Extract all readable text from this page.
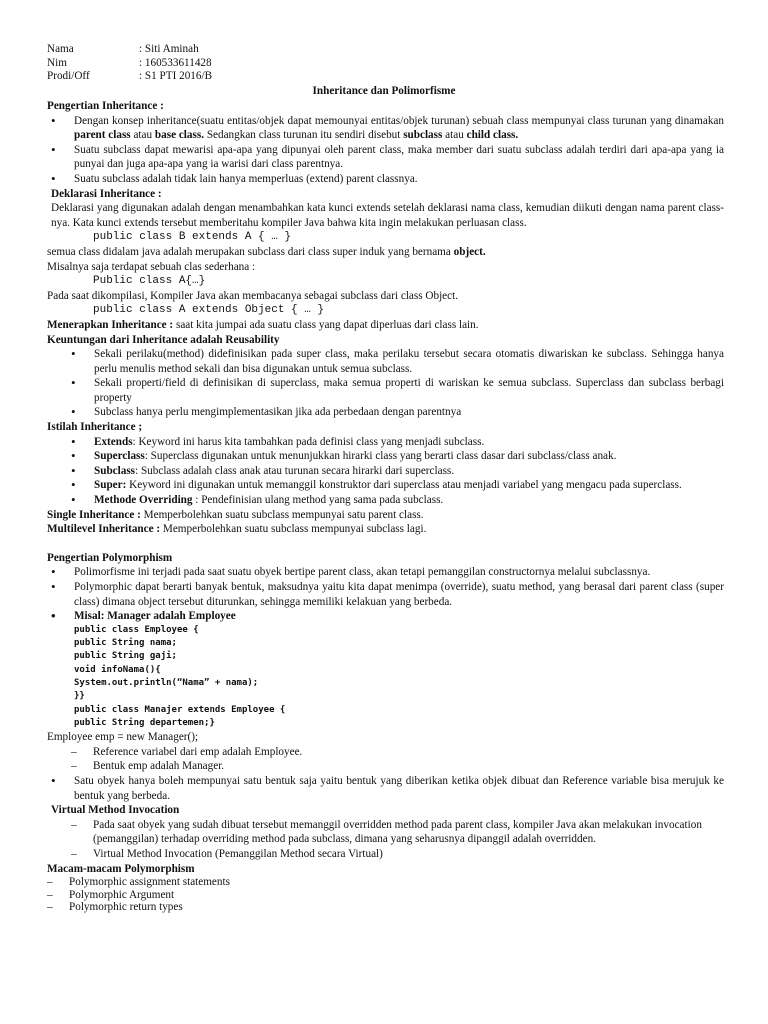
Nama	: Siti Aminah
Nim	: 160533611428
Prodi/Off	: S1 PTI 2016/B
Inheritance dan Polimorfisme
Pengertian Inheritance :
• Dengan konsep inheritance(suatu entitas/objek dapat memounyai entitas/objek turunan) sebuah class mempunyai class turunan yang dinamakan parent class atau base class. Sedangkan class turunan itu sendiri disebut subclass atau child class.
• Suatu subclass dapat mewarisi apa-apa yang dipunyai oleh parent class, maka member dari suatu subclass adalah terdiri dari apa-apa yang ia punyai dan juga apa-apa yang ia warisi dari class parentnya.
• Suatu subclass adalah tidak lain hanya memperluas (extend) parent classnya.
Deklarasi Inheritance :
Deklarasi yang digunakan adalah dengan menambahkan kata kunci extends setelah deklarasi nama class, kemudian diikuti dengan nama parent class-nya. Kata kunci extends tersebut memberitahu kompiler Java bahwa kita ingin melakukan perluasan class.
public class B extends A { … }
semua class didalam java adalah merupakan subclass dari class super induk yang bernama object.
Misalnya saja terdapat sebuah clas sederhana :
Public class A{…}
Pada saat dikompilasi, Kompiler Java akan membacanya sebagai subclass dari class Object.
public class A extends Object { … }
Menerapkan Inheritance : saat kita jumpai ada suatu class yang dapat diperluas dari class lain.
Keuntungan dari Inheritance adalah Reusability
• Sekali perilaku(method) didefinisikan pada super class, maka perilaku tersebut secara otomatis diwariskan ke subclass. Sehingga hanya perlu menulis method sekali dan bisa digunakan untuk semua subclass.
• Sekali properti/field di definisikan di superclass, maka semua properti di wariskan ke semua subclass. Superclass dan subclass berbagi property
• Subclass hanya perlu mengimplementasikan jika ada perbedaan dengan parentnya
Istilah Inheritance ;
• Extends: Keyword ini harus kita tambahkan pada definisi class yang menjadi subclass.
• Superclass: Superclass digunakan untuk menunjukkan hirarki class yang berarti class dasar dari subclass/class anak.
• Subclass: Subclass adalah class anak atau turunan secara hirarki dari superclass.
• Super: Keyword ini digunakan untuk memanggil konstruktor dari superclass atau menjadi variabel yang mengacu pada superclass.
• Methode Overriding : Pendefinisian ulang method yang sama pada subclass.
Single Inheritance : Memperbolehkan suatu subclass mempunyai satu parent class.
Multilevel Inheritance : Memperbolehkan suatu subclass mempunyai subclass lagi.
Pengertian Polymorphism
• Polimorfisme ini terjadi pada saat suatu obyek bertipe parent class, akan tetapi pemanggilan constructornya melalui subclassnya.
• Polymorphic dapat berarti banyak bentuk, maksudnya yaitu kita dapat menimpa (override), suatu method, yang berasal dari parent class (super class) dimana object tersebut diturunkan, sehingga memiliki kelakuan yang berbeda.
• Misal: Manager adalah Employee
public class Employee {
public String nama;
public String gaji;
void infoNama(){
System.out.println(“Nama” + nama);
}}
public class Manajer extends Employee {
public String departemen;}
Employee emp = new Manager();
– Reference variabel dari emp adalah Employee.
– Bentuk emp adalah Manager.
• Satu obyek hanya boleh mempunyai satu bentuk saja yaitu bentuk yang diberikan ketika objek dibuat dan Reference variable bisa merujuk ke bentuk yang berbeda.
Virtual Method Invocation
– Pada saat obyek yang sudah dibuat tersebut memanggil overridden method pada parent class, kompiler Java akan melakukan invocation (pemanggilan) terhadap overriding method pada subclass, dimana yang seharusnya dipanggil adalah overridden.
– Virtual Method Invocation (Pemanggilan Method secara Virtual)
Macam-macam Polymorphism
– Polymorphic assignment statements
– Polymorphic Argument
– Polymorphic return types
